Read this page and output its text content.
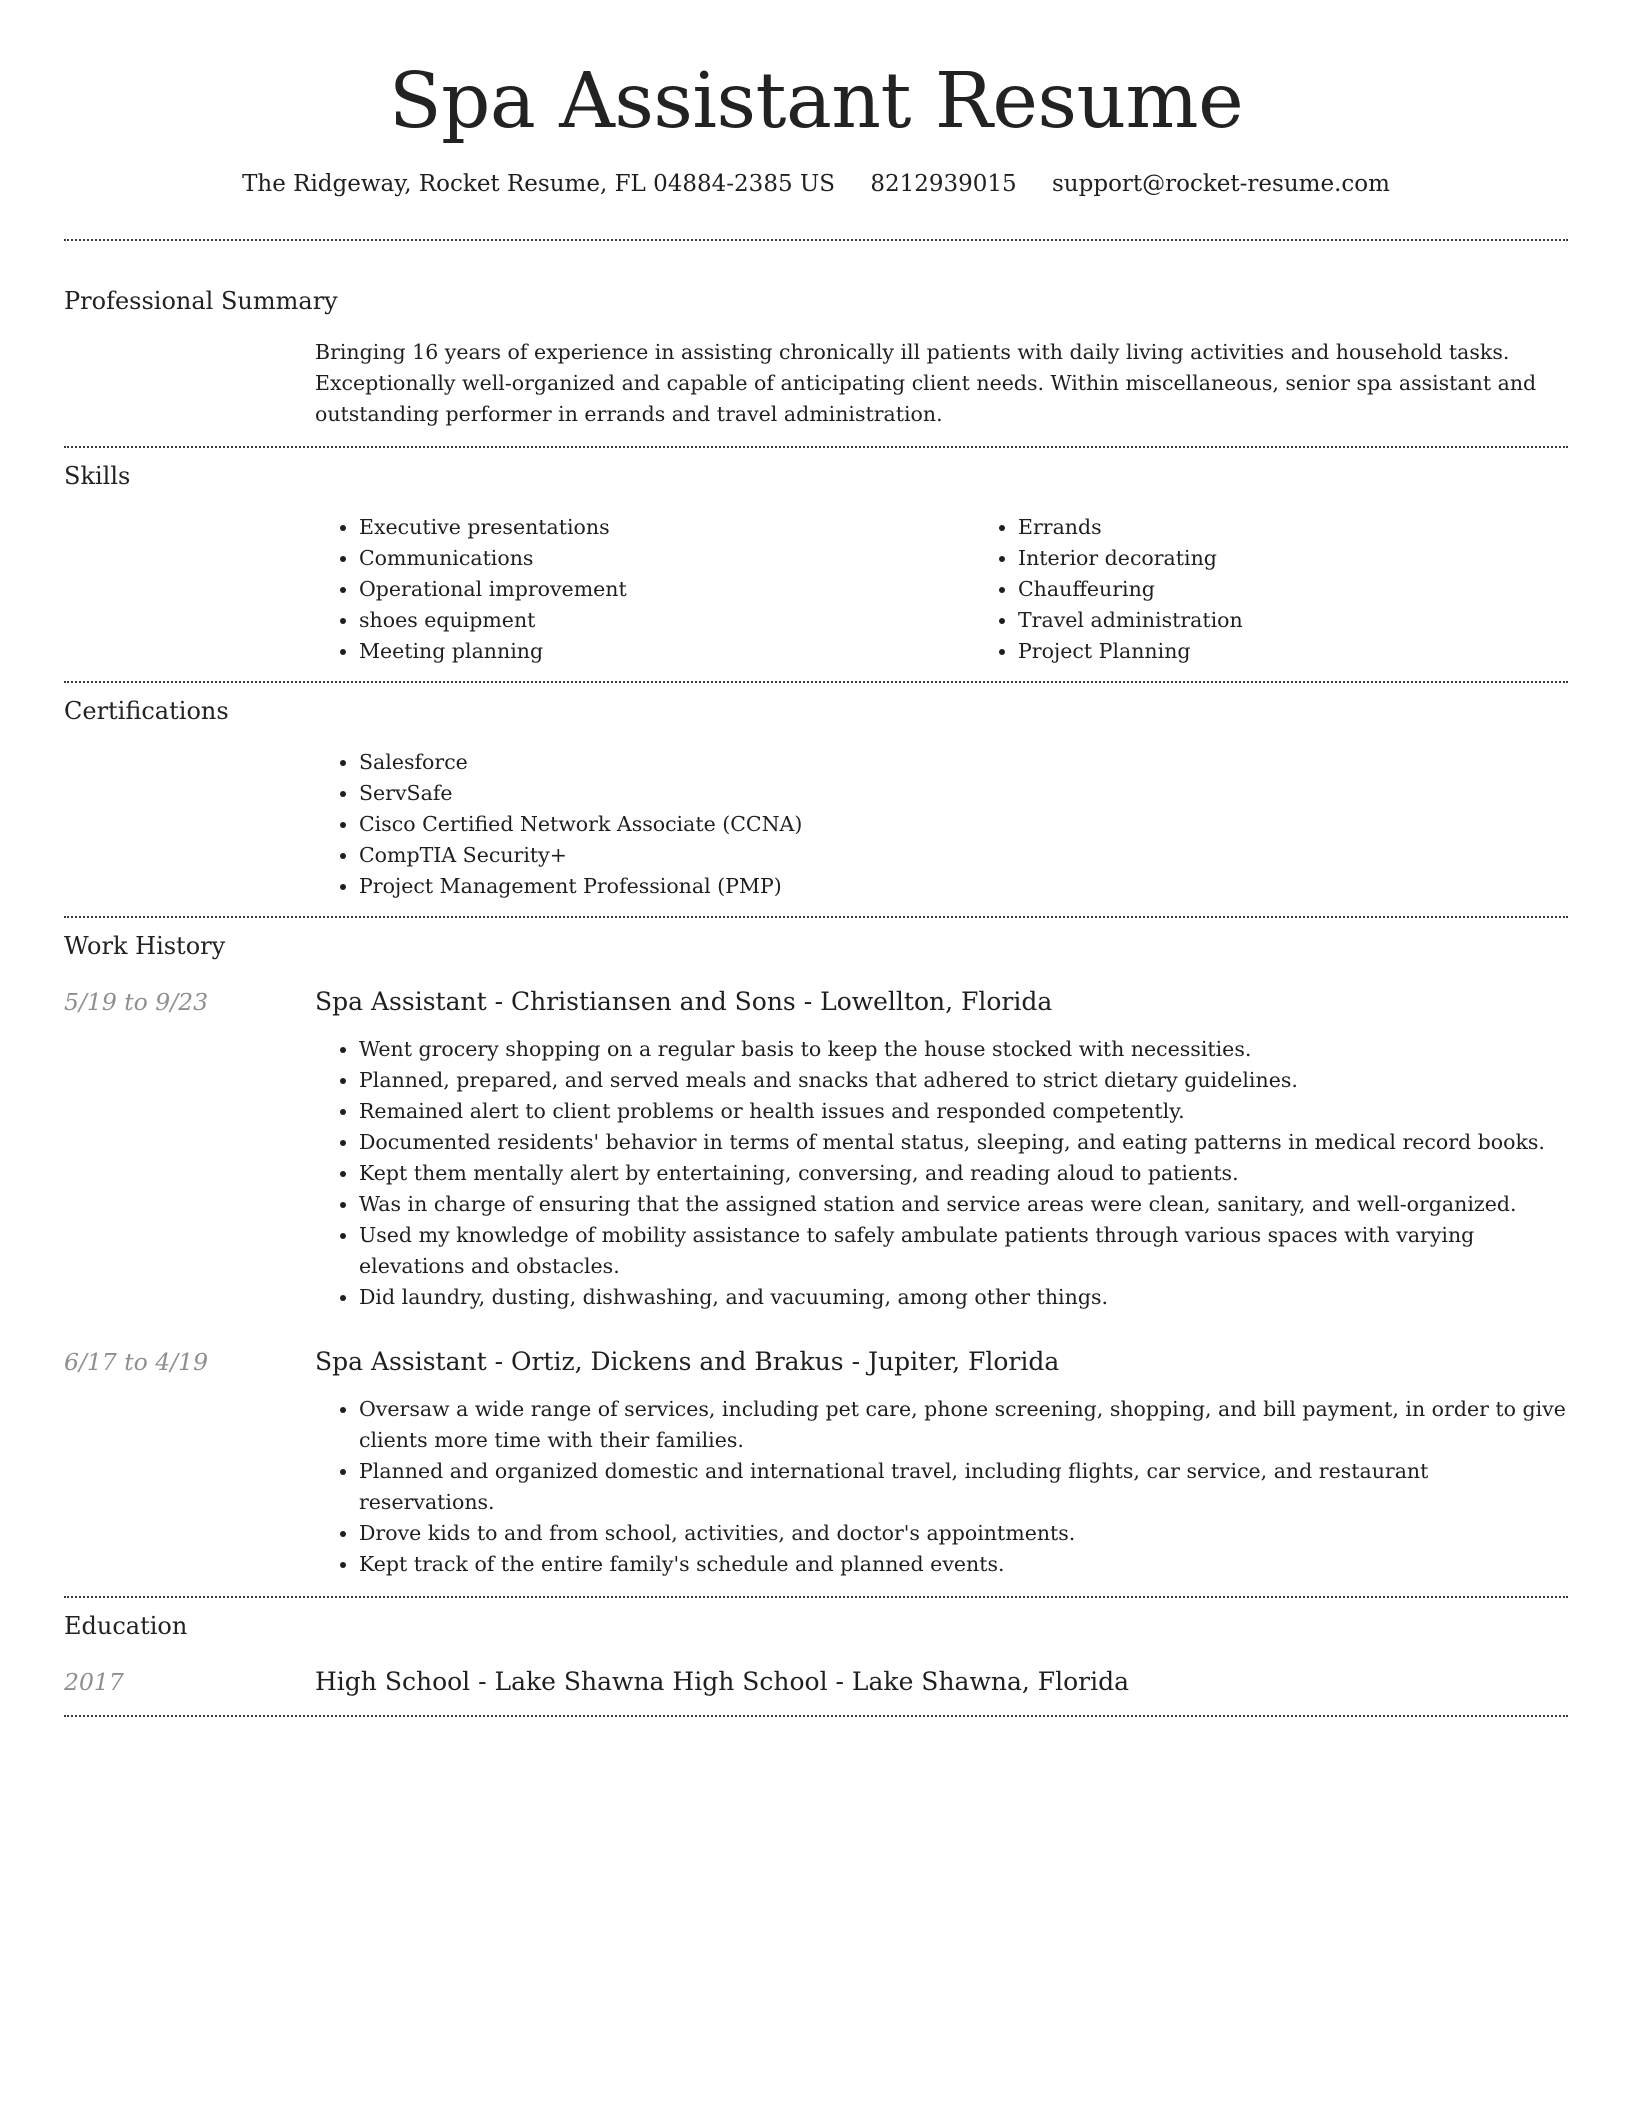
Spa Assistant Resume
The Ridgeway, Rocket Resume, FL 04884-2385 US 8212939015 support@rocket-resume.com
Professional Summary
Bringing 16 years of experience in assisting chronically ill patients with daily living activities and household tasks. Exceptionally well-organized and capable of anticipating client needs. Within miscellaneous, senior spa assistant and outstanding performer in errands and travel administration.
Skills
• Executive presentations
• Communications
• Operational improvement
• shoes equipment
• Meeting planning
• Errands
• Interior decorating
• Chauffeuring
• Travel administration
• Project Planning
Certifications
• Salesforce
• ServSafe
• Cisco Certified Network Associate (CCNA)
• CompTIA Security+
• Project Management Professional (PMP)
Work History
5/19 to 9/23	Spa Assistant - Christiansen and Sons - Lowellton, Florida
• Went grocery shopping on a regular basis to keep the house stocked with necessities.
• Planned, prepared, and served meals and snacks that adhered to strict dietary guidelines.
• Remained alert to client problems or health issues and responded competently.
• Documented residents' behavior in terms of mental status, sleeping, and eating patterns in medical record books.
• Kept them mentally alert by entertaining, conversing, and reading aloud to patients.
• Was in charge of ensuring that the assigned station and service areas were clean, sanitary, and well-organized.
• Used my knowledge of mobility assistance to safely ambulate patients through various spaces with varying elevations and obstacles.
• Did laundry, dusting, dishwashing, and vacuuming, among other things.
6/17 to 4/19	Spa Assistant - Ortiz, Dickens and Brakus - Jupiter, Florida
• Oversaw a wide range of services, including pet care, phone screening, shopping, and bill payment, in order to give clients more time with their families.
• Planned and organized domestic and international travel, including flights, car service, and restaurant reservations.
• Drove kids to and from school, activities, and doctor's appointments.
• Kept track of the entire family's schedule and planned events.
Education
2017	High School - Lake Shawna High School - Lake Shawna, Florida
